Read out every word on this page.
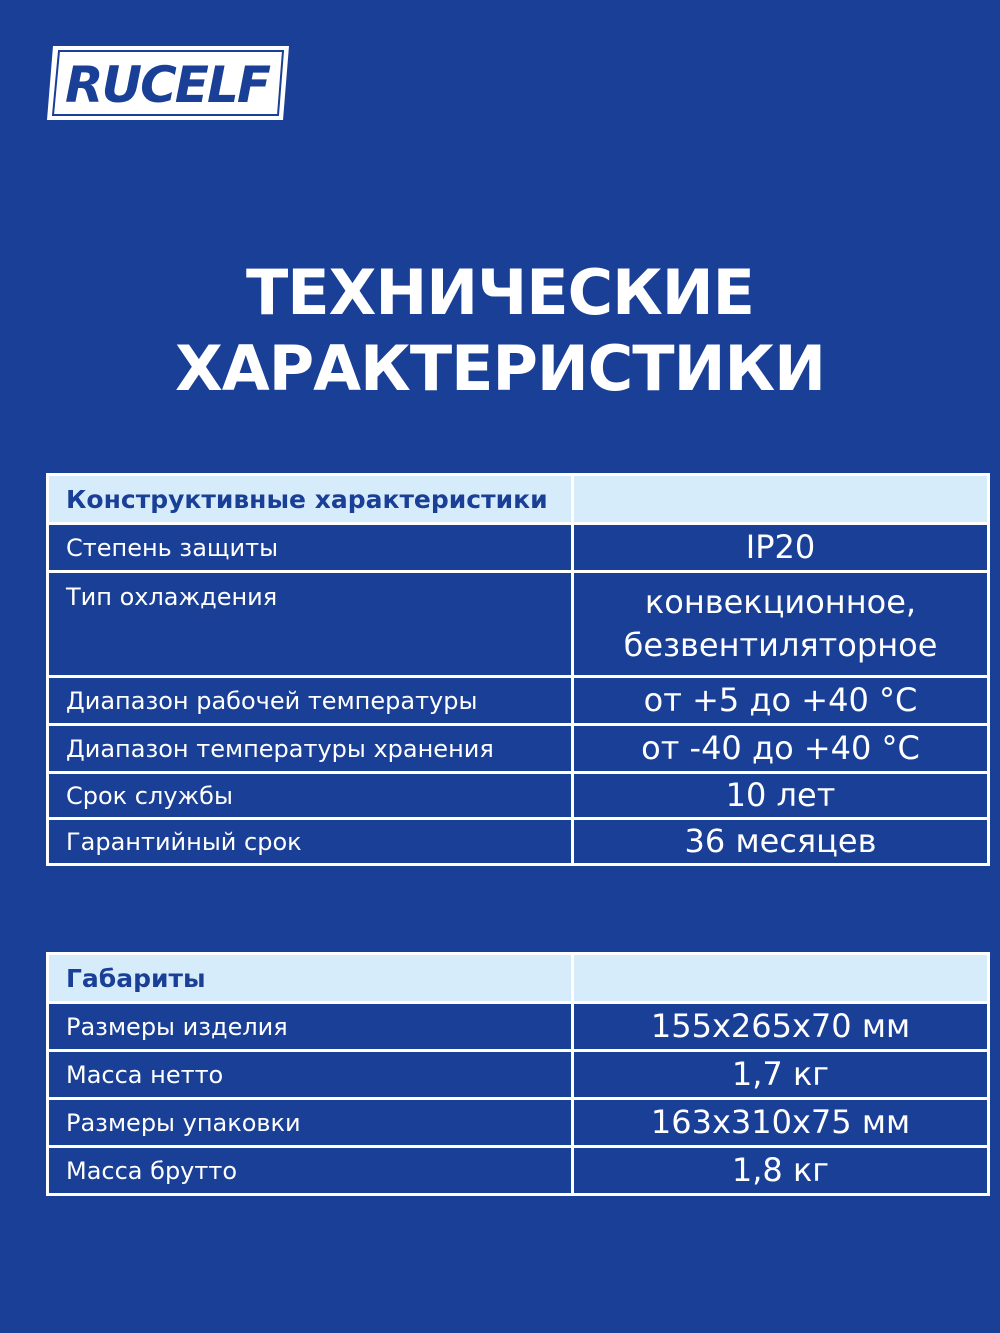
RUCELF
ТЕХНИЧЕСКИЕ
ХАРАКТЕРИСТИКИ
Конструктивные характеристики	
Степень защиты	IP20
Тип охлаждения	конвекционное,
безвентиляторное

Диапазон рабочей температуры	от +5 до +40 °С
Диапазон температуры хранения	от -40 до +40 °С
Срок службы	10 лет
Гарантийный срок	36 месяцев
Габариты	
Размеры изделия	155х265х70 мм
Масса нетто	1,7 кг
Размеры упаковки	163х310х75 мм
Масса брутто	1,8 кг
